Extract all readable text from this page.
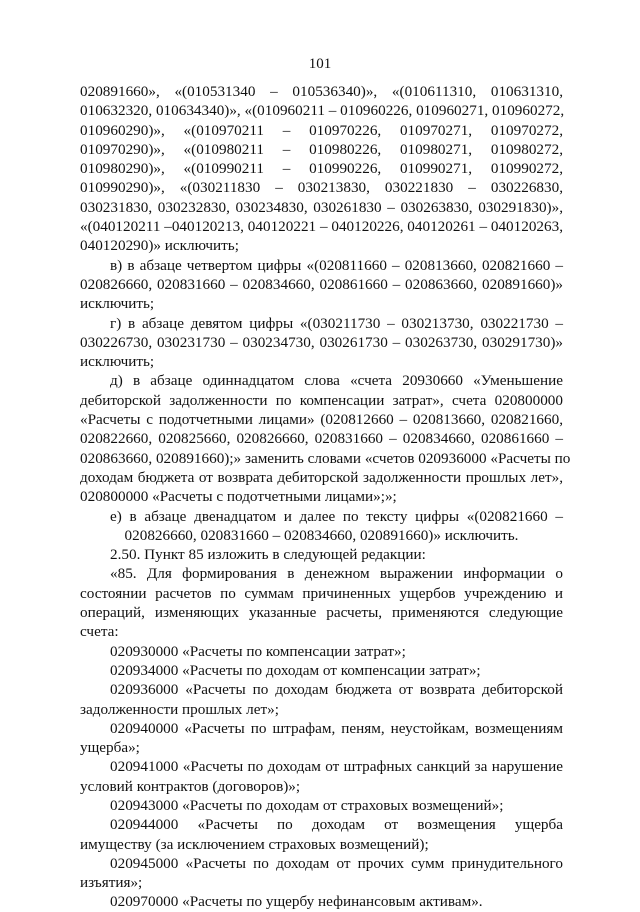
101
020891660», «(010531340 – 010536340)», «(010611310, 010631310,
010632320, 010634340)», «(010960211 – 010960226, 010960271, 010960272,
010960290)», «(010970211 – 010970226, 010970271, 010970272,
010970290)», «(010980211 – 010980226, 010980271, 010980272,
010980290)», «(010990211 – 010990226, 010990271, 010990272,
010990290)», «(030211830 – 030213830, 030221830 – 030226830,
030231830, 030232830, 030234830, 030261830 – 030263830, 030291830)»,
«(040120211 –040120213, 040120221 – 040120226, 040120261 – 040120263,
040120290)» исключить;
в) в абзаце четвертом цифры «(020811660 – 020813660, 020821660 –
020826660, 020831660 – 020834660, 020861660 – 020863660, 020891660)»
исключить;
г) в абзаце девятом цифры «(030211730 – 030213730, 030221730 –
030226730, 030231730 – 030234730, 030261730 – 030263730, 030291730)»
исключить;
д) в абзаце одиннадцатом слова «счета 20930660 «Уменьшение
дебиторской задолженности по компенсации затрат», счета 020800000
«Расчеты с подотчетными лицами» (020812660 – 020813660, 020821660,
020822660, 020825660, 020826660, 020831660 – 020834660, 020861660 –
020863660, 020891660);» заменить словами «счетов 020936000 «Расчеты по
доходам бюджета от возврата дебиторской задолженности прошлых лет»,
020800000 «Расчеты с подотчетными лицами»;»;
е) в абзаце двенадцатом и далее по тексту цифры «(020821660 –
020826660, 020831660 – 020834660, 020891660)» исключить.
2.50. Пункт 85 изложить в следующей редакции:
«85. Для формирования в денежном выражении информации о
состоянии расчетов по суммам причиненных ущербов учреждению и
операций, изменяющих указанные расчеты, применяются следующие
счета:
020930000 «Расчеты по компенсации затрат»;
020934000 «Расчеты по доходам от компенсации затрат»;
020936000 «Расчеты по доходам бюджета от возврата дебиторской
задолженности прошлых лет»;
020940000 «Расчеты по штрафам, пеням, неустойкам, возмещениям
ущерба»;
020941000 «Расчеты по доходам от штрафных санкций за нарушение
условий контрактов (договоров)»;
020943000 «Расчеты по доходам от страховых возмещений»;
020944000 «Расчеты по доходам от возмещения ущерба
имуществу (за исключением страховых возмещений);
020945000 «Расчеты по доходам от прочих сумм принудительного
изъятия»;
020970000 «Расчеты по ущербу нефинансовым активам».
